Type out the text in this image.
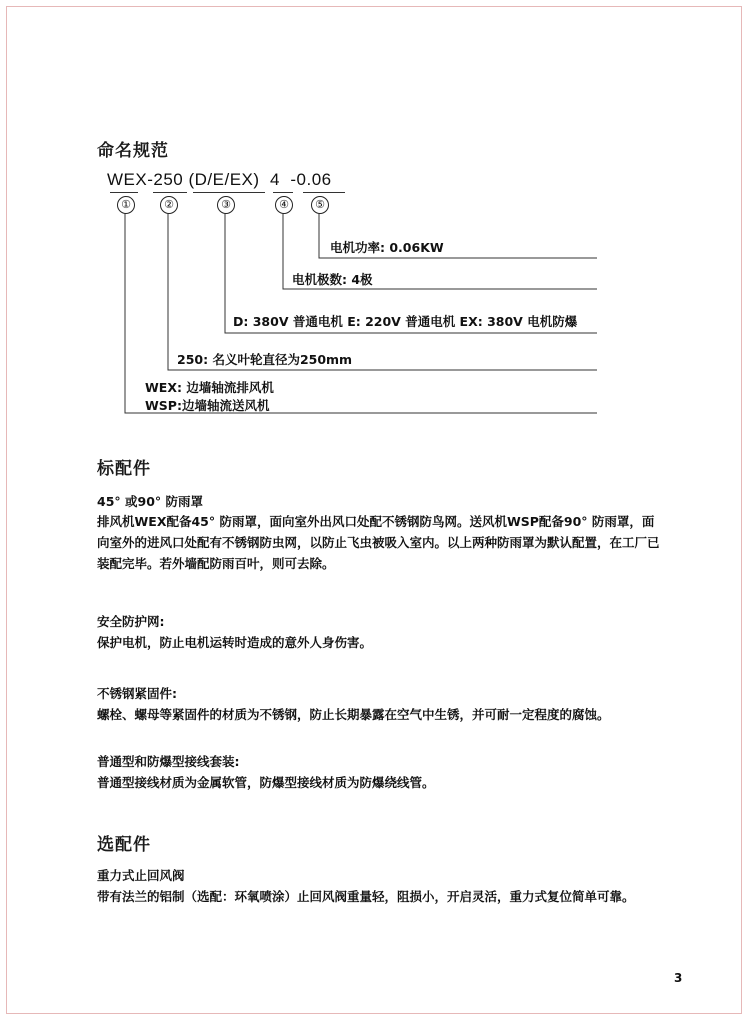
命名规范
WEX-250 (D/E/EX)  4  -0.06
①	②	③	④	⑤
电机功率: 0.06KW
电机极数: 4极
D: 380V 普通电机 E: 220V 普通电机 EX: 380V 电机防爆
250: 名义叶轮直径为250mm
WEX: 边墙轴流排风机
WSP:边墙轴流送风机
标配件
45° 或90° 防雨罩
排风机WEX配备45° 防雨罩，面向室外出风口处配不锈钢防鸟网。送风机WSP配备90° 防雨罩，面向室外的进风口处配有不锈钢防虫网，以防止飞虫被吸入室内。以上两种防雨罩为默认配置，在工厂已装配完毕。若外墙配防雨百叶，则可去除。
安全防护网:
保护电机，防止电机运转时造成的意外人身伤害。
不锈钢紧固件:
螺栓、螺母等紧固件的材质为不锈钢，防止长期暴露在空气中生锈，并可耐一定程度的腐蚀。
普通型和防爆型接线套装:
普通型接线材质为金属软管，防爆型接线材质为防爆绕线管。
选配件
重力式止回风阀
带有法兰的铝制（选配：环氧喷涂）止回风阀重量轻，阻损小，开启灵活，重力式复位简单可靠。
3
